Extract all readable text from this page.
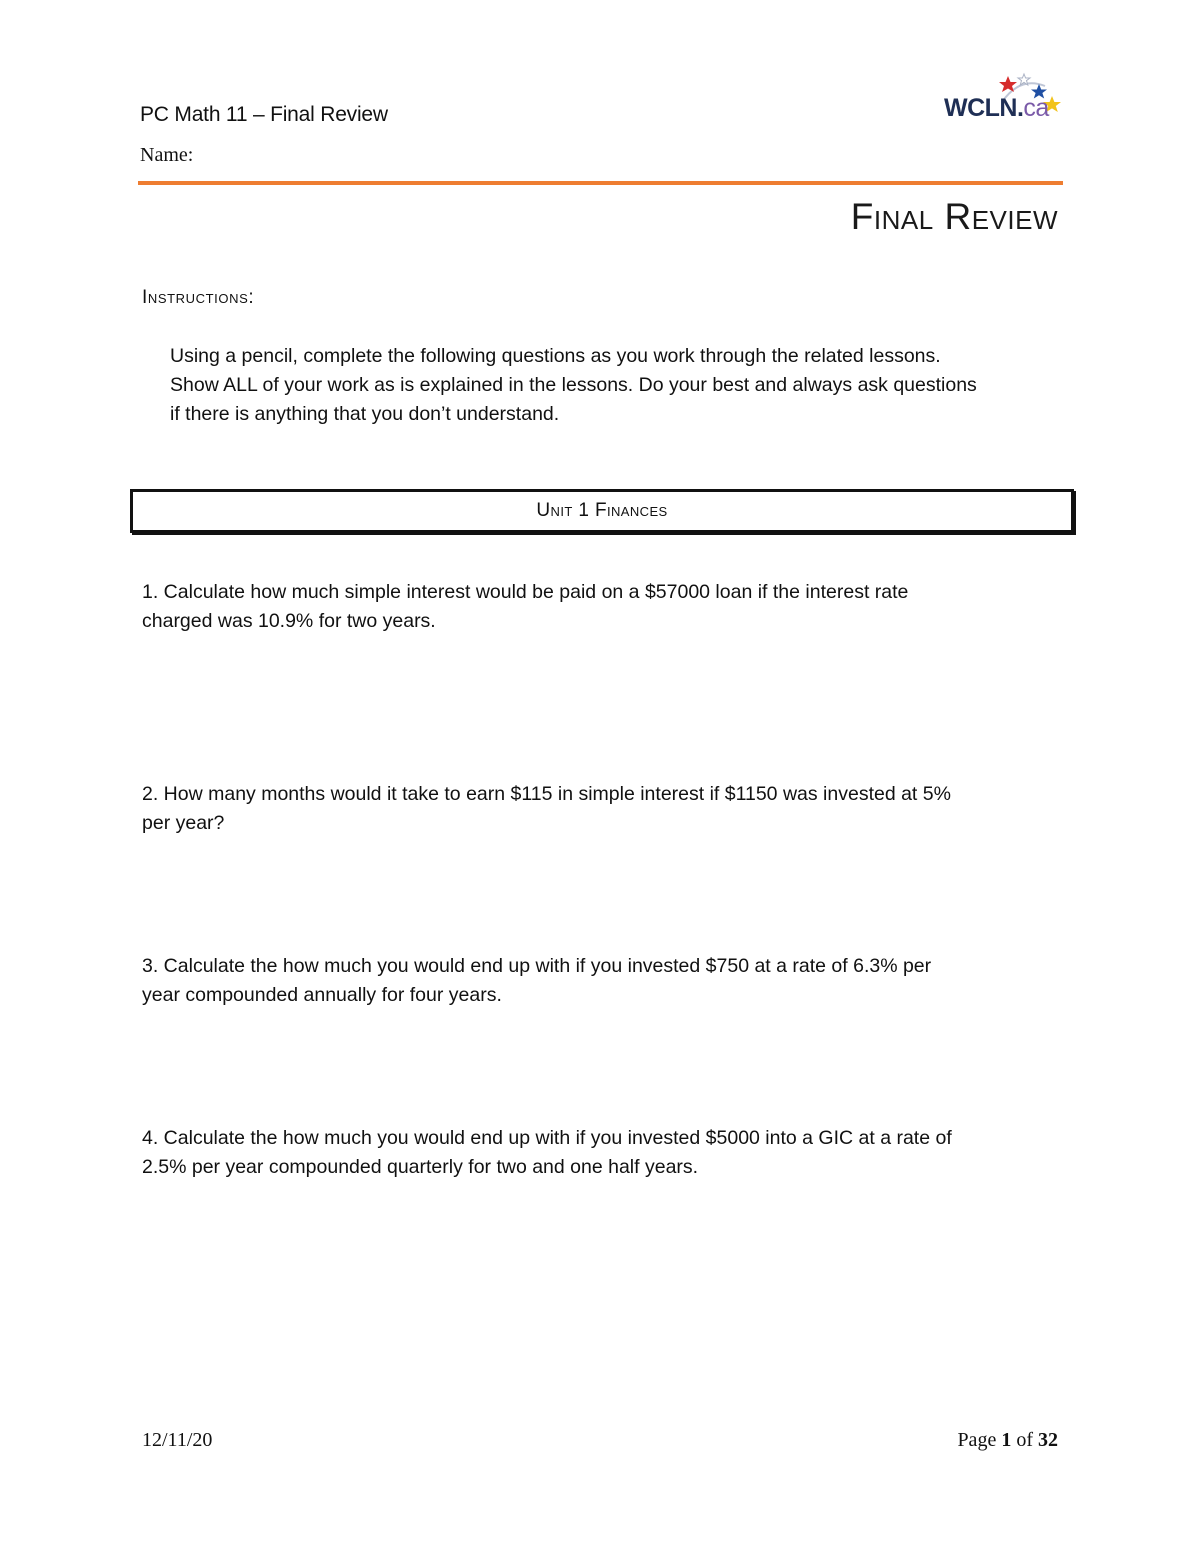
PC Math 11 – Final Review
Name:
WCLN.ca
Final Review
Instructions:

Using a pencil, complete the following questions as you work through the related lessons.

Show ALL of your work as is explained in the lessons. Do your best and always ask questions

if there is anything that you don’t understand.

Unit 1 Finances

1. Calculate how much simple interest would be paid on a $57000 loan if the interest rate

charged was 10.9% for two years.

2. How many months would it take to earn $115 in simple interest if $1150 was invested at 5%

per year?

3. Calculate the how much you would end up with if you invested $750 at a rate of 6.3% per

year compounded annually for four years.

4. Calculate the how much you would end up with if you invested $5000 into a GIC at a rate of

2.5% per year compounded quarterly for two and one half years.

12/11/20	Page 1 of 32
